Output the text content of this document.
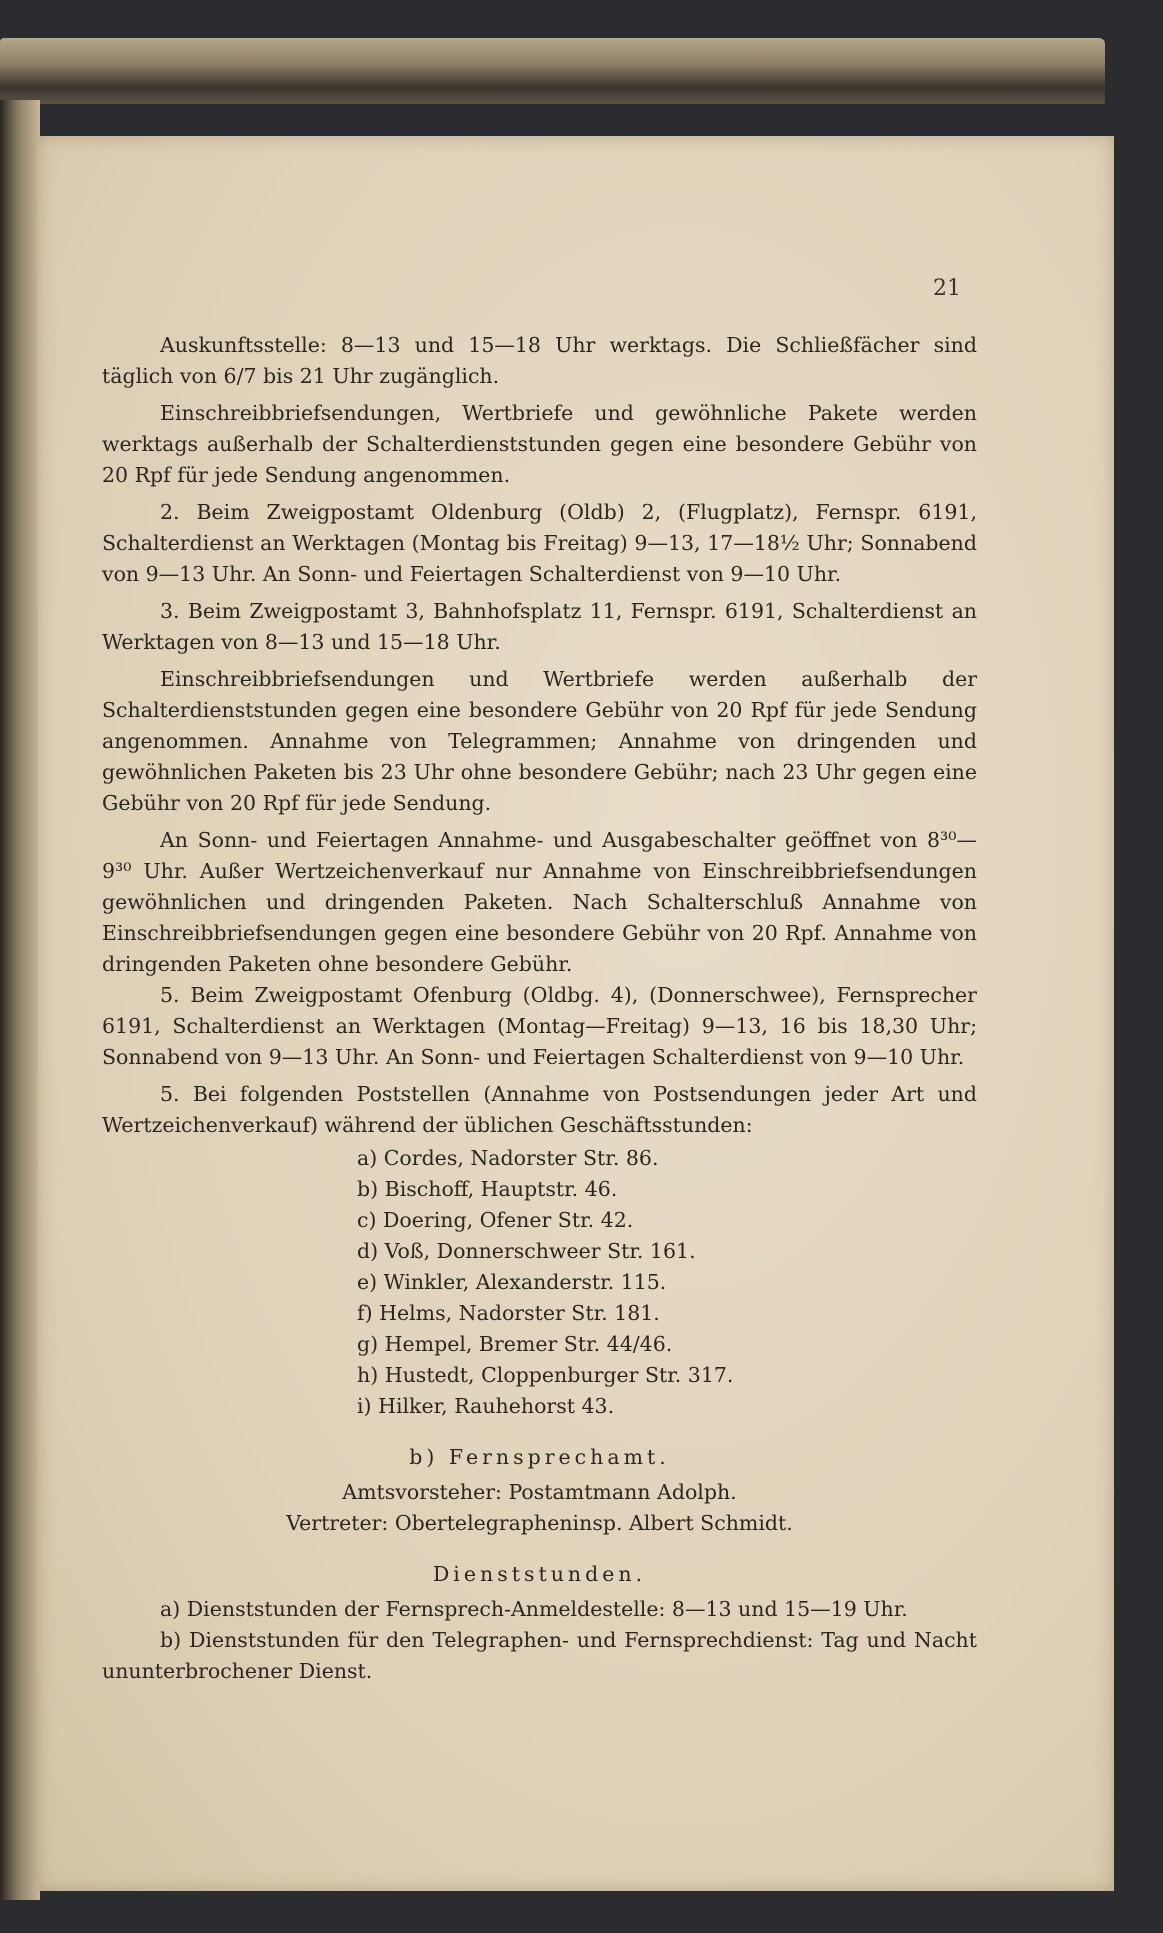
21

Auskunftsstelle: 8—13 und 15—18 Uhr werktags. Die Schließfächer sind täglich von 6/7 bis 21 Uhr zugänglich.

Einschreibbriefsendungen, Wertbriefe und gewöhnliche Pakete werden werktags außerhalb der Schalterdienststunden gegen eine besondere Gebühr von 20 Rpf für jede Sendung angenommen.

2. Beim Zweigpostamt Oldenburg (Oldb) 2, (Flugplatz), Fernspr. 6191, Schalterdienst an Werktagen (Montag bis Freitag) 9—13, 17—18½ Uhr; Sonnabend von 9—13 Uhr. An Sonn- und Feiertagen Schalterdienst von 9—10 Uhr.

3. Beim Zweigpostamt 3, Bahnhofsplatz 11, Fernspr. 6191, Schalterdienst an Werktagen von 8—13 und 15—18 Uhr.

Einschreibbriefsendungen und Wertbriefe werden außerhalb der Schalterdienststunden gegen eine besondere Gebühr von 20 Rpf für jede Sendung angenommen. Annahme von Telegrammen; Annahme von dringenden und gewöhnlichen Paketen bis 23 Uhr ohne besondere Gebühr; nach 23 Uhr gegen eine Gebühr von 20 Rpf für jede Sendung.

An Sonn- und Feiertagen Annahme- und Ausgabeschalter geöffnet von 8³⁰—9³⁰ Uhr. Außer Wertzeichenverkauf nur Annahme von Einschreibbriefsendungen gewöhnlichen und dringenden Paketen. Nach Schalterschluß Annahme von Einschreibbriefsendungen gegen eine besondere Gebühr von 20 Rpf. Annahme von dringenden Paketen ohne besondere Gebühr.

5. Beim Zweigpostamt Ofenburg (Oldbg. 4), (Donnerschwee), Fernsprecher 6191, Schalterdienst an Werktagen (Montag—Freitag) 9—13, 16 bis 18,30 Uhr; Sonnabend von 9—13 Uhr. An Sonn- und Feiertagen Schalterdienst von 9—10 Uhr.

5. Bei folgenden Poststellen (Annahme von Postsendungen jeder Art und Wertzeichenverkauf) während der üblichen Geschäftsstunden:

a) Cordes, Nadorster Str. 86.
b) Bischoff, Hauptstr. 46.
c) Doering, Ofener Str. 42.
d) Voß, Donnerschweer Str. 161.
e) Winkler, Alexanderstr. 115.
f) Helms, Nadorster Str. 181.
g) Hempel, Bremer Str. 44/46.
h) Hustedt, Cloppenburger Str. 317.
i) Hilker, Rauhehorst 43.

b) Fernsprechamt.

Amtsvorsteher: Postamtmann Adolph.

Vertreter: Obertelegrapheninsp. Albert Schmidt.

Dienststunden.

a) Dienststunden der Fernsprech-Anmeldestelle: 8—13 und 15—19 Uhr.

b) Dienststunden für den Telegraphen- und Fernsprechdienst: Tag und Nacht ununterbrochener Dienst.
